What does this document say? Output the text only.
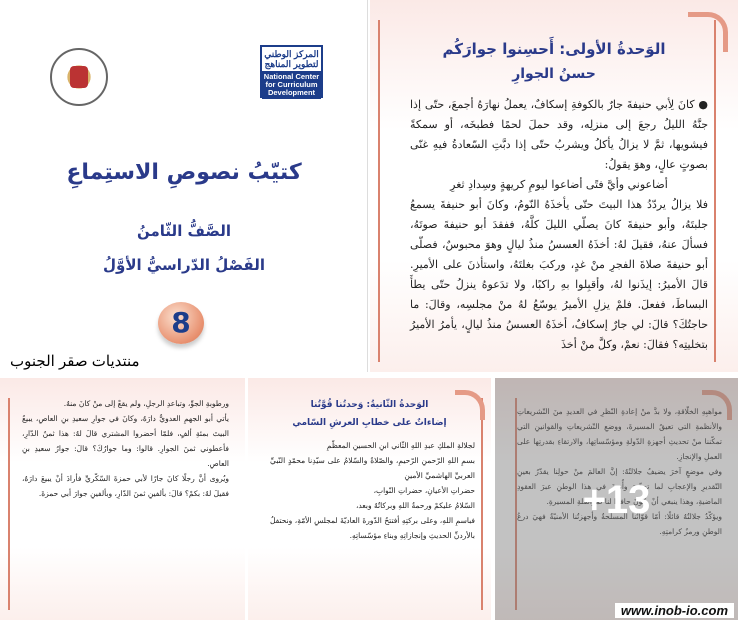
المركز الوطني لتطوير المناهج
National Center for Curriculum Development
كتيّبُ نصوصِ الاستِماعِ
الصَّفُّ الثّامنُ
الفَصْلُ الدّراسيُّ الأوَّلُ
8
منتديات صقر الجنوب
الوَحدةُ الأولى: أَحسِنوا جوارَكُم
حسنُ الجوارِ

● كانَ لِأبي حنيفةَ جارٌ بالكوفةِ إسكافٌ، يعملُ نهارَهُ أجمعَ، حتّى إذا جنَّهُ الليلُ رجعَ إلى منزلِه، وقد حملَ لحمًا فطبخَه، أو سمكةً فيشويها، ثمَّ لا يزالُ يأكلُ ويشربُ حتّى إذا دبَّتِ السّعادةُ فيهِ غنّى بصوتٍ عالٍ، وهوَ يقولُ:

أضاعوني وأيَّ فتًى أضاعوا ليومِ كريهةٍ وسِدادِ ثغرِ

فلا يزالُ يردّدُ هذا البيتَ حتّى يأخذَهُ النّومُ، وكانَ أبو حنيفةَ يسمعُ جلبتَهُ، وأبو حنيفةَ كانَ يصلّي الليلَ كلَّهُ، ففقدَ أبو حنيفةَ صوتَهُ، فسألَ عنهُ، فقيلَ لهُ: أخذَهُ العسسُ منذُ ليالٍ وهوَ محبوسٌ، فصلّى أبو حنيفةَ صلاةَ الفجرِ منْ غدٍ، وركبَ بغلتَهُ، واستأذنَ على الأميرِ. قالَ الأميرُ: إيذَنوا لهُ، وأقبِلوا بهِ راكبًا، ولا تدَعوهُ ينزلُ حتّى يطأَ البساطَ، ففعلَ. فلمْ يزلِ الأميرُ يوسّعُ لهُ منْ مجلسِه، وقالَ: ما حاجتُكَ؟ قالَ: لي جارٌ إسكافٌ، أخذَهُ العسسُ منذُ ليالٍ، يأمرُ الأميرُ بتخليتِه؟ فقالَ: نعمْ، وكلَّ منْ أخذَ

ورطوبةِ الجوِّ، وتباعدِ الرجلِ، ولم يقعْ إلى منْ كانَ منهُ.

يأتي أبو الجهمِ العدويُّ دارَهُ، وكانَ في جوارِ سعيدِ بنِ العاصِ، يبيعُ البيتَ بمئةِ ألفٍ، فلمّا أحضروا المشتري قالَ لهُ: هذا ثمنُ الدّارِ، فأعطوني ثمنَ الجوارِ. قالوا: وما جوارُكَ؟ قالَ: جوارُ سعيدِ بنِ العاصِ.

ويُروى أنَّ رجلًا كانَ جارًا لأبي حمزةَ السّكّريِّ فأرادَ أنْ يبيعَ دارَهُ، فقيلَ لهُ: بكمْ؟ قالَ: بألفينِ ثمنَ الدّارِ، وبألفينِ جوارَ أبي حمزةَ.

الوَحدةُ الثّانيةُ: وَحدتُنا قُوَّتُنا
إضاءاتٌ على خطابِ العرشِ السّامي

لجلالةِ الملكِ عبدِ اللهِ الثّاني ابنِ الحسينِ المعظّمِ

بسمِ اللهِ الرّحمنِ الرّحيمِ، والصّلاةُ والسّلامُ على سيّدِنا محمّدٍ النّبيِّ العربيِّ الهاشميِّ الأمينِ

حضراتِ الأعيانِ، حضراتِ النّوابِ،

السّلامُ عليكمْ ورحمةُ اللهِ وبركاتُهُ وبعد،

فباسمِ اللهِ، وعلى بركتِهِ أفتتحُ الدّورةَ العاديّةَ لمجلسِ الأمّةِ، ونحتفلُ بالأردنِّ الحديثِ وإنجازاتِهِ وبناءِ مؤسّساتِهِ.

مواهبِهِ الخلّاقةِ، ولا بدَّ منْ إعادةِ النّظرِ في العديدِ منَ التّشريعاتِ والأنظمةِ التي تعيقُ المسيرةَ، ووضعِ التّشريعاتِ والقوانينِ التي تمكّننا منْ تحديثِ أجهزةِ الدّولةِ ومؤسّساتِها، والارتقاءِ بقدرتِها على العملِ والإنجازِ.

وفي موضعٍ آخرَ يضيفُ جلالتُهُ: إنَّ العالمَ منْ حولِنا يقدّرُ بعينِ التّقديرِ والإعجابِ لما تحقّقَ وأُنجزَ في هذا الوطنِ عبرَ العقودِ الماضيةِ، وهذا ينبغي أنْ يكونَ حافزًا لنا لمواصلةِ المسيرةِ.

ويؤكّدُ جلالتُهُ قائلًا: أمّا قوّاتُنا المسلّحةُ وأجهزتُنا الأمنيّةُ فهيَ درعُ الوطنِ ورمزُ كرامتِهِ.

13+
www.inob-io.com
